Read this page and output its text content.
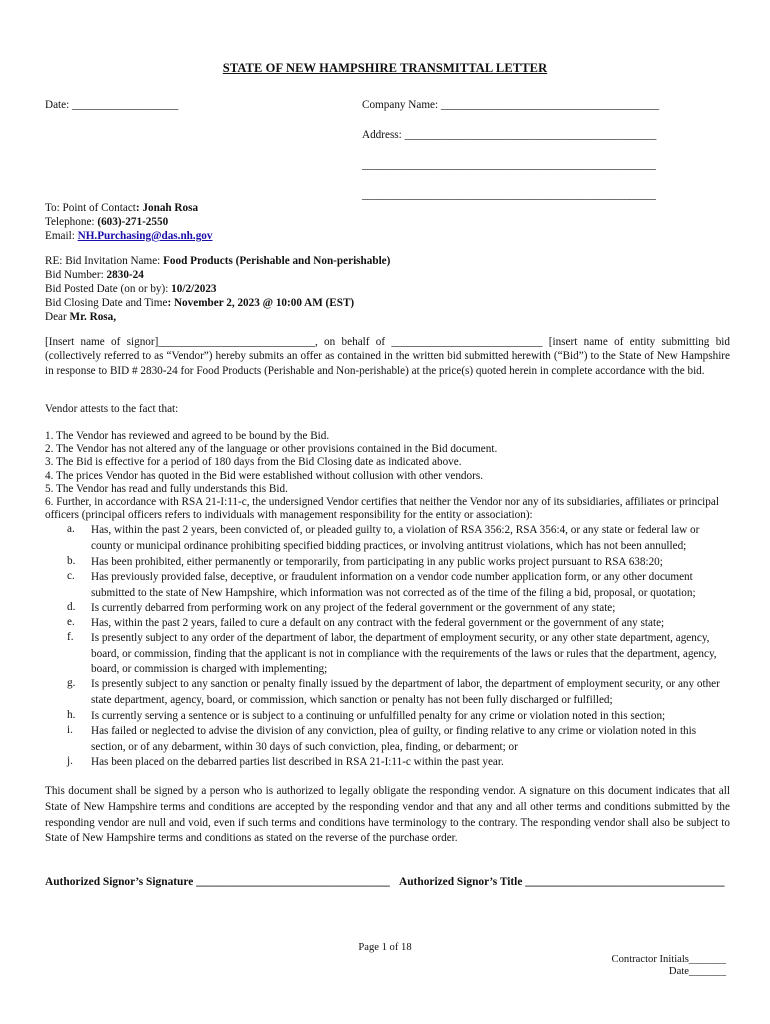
STATE OF NEW HAMPSHIRE TRANSMITTAL LETTER
Date: ___________________	Company Name: _______________________________________
Address: _____________________________________________
________________________________________________________
________________________________________________________
To: Point of Contact: Jonah Rosa
Telephone: (603)-271-2550
Email: NH.Purchasing@das.nh.gov
RE: Bid Invitation Name: Food Products (Perishable and Non-perishable)
Bid Number: 2830-24
Bid Posted Date (on or by): 10/2/2023
Bid Closing Date and Time: November 2, 2023 @ 10:00 AM (EST)
Dear Mr. Rosa,
[Insert name of signor]____________________________, on behalf of ___________________________ [insert name of entity submitting bid (collectively referred to as “Vendor”) hereby submits an offer as contained in the written bid submitted herewith (“Bid”) to the State of New Hampshire in response to BID # 2830-24 for Food Products (Perishable and Non-perishable) at the price(s) quoted herein in complete accordance with the bid.
Vendor attests to the fact that:
1. The Vendor has reviewed and agreed to be bound by the Bid.
2. The Vendor has not altered any of the language or other provisions contained in the Bid document.
3. The Bid is effective for a period of 180 days from the Bid Closing date as indicated above.
4. The prices Vendor has quoted in the Bid were established without collusion with other vendors.
5. The Vendor has read and fully understands this Bid.
6. Further, in accordance with RSA 21-I:11-c, the undersigned Vendor certifies that neither the Vendor nor any of its subsidiaries, affiliates or principal officers (principal officers refers to individuals with management responsibility for the entity or association):
a.	Has, within the past 2 years, been convicted of, or pleaded guilty to, a violation of RSA 356:2, RSA 356:4, or any state or federal law or county or municipal ordinance prohibiting specified bidding practices, or involving antitrust violations, which has not been annulled;
b.	Has been prohibited, either permanently or temporarily, from participating in any public works project pursuant to RSA 638:20;
c.	Has previously provided false, deceptive, or fraudulent information on a vendor code number application form, or any other document submitted to the state of New Hampshire, which information was not corrected as of the time of the filing a bid, proposal, or quotation;
d.	Is currently debarred from performing work on any project of the federal government or the government of any state;
e.	Has, within the past 2 years, failed to cure a default on any contract with the federal government or the government of any state;
f.	Is presently subject to any order of the department of labor, the department of employment security, or any other state department, agency, board, or commission, finding that the applicant is not in compliance with the requirements of the laws or rules that the department, agency, board, or commission is charged with implementing;
g.	Is presently subject to any sanction or penalty finally issued by the department of labor, the department of employment security, or any other state department, agency, board, or commission, which sanction or penalty has not been fully discharged or fulfilled;
h.	Is currently serving a sentence or is subject to a continuing or unfulfilled penalty for any crime or violation noted in this section;
i.	Has failed or neglected to advise the division of any conviction, plea of guilty, or finding relative to any crime or violation noted in this section, or of any debarment, within 30 days of such conviction, plea, finding, or debarment; or
j.	Has been placed on the debarred parties list described in RSA 21-I:11-c within the past year.
This document shall be signed by a person who is authorized to legally obligate the responding vendor. A signature on this document indicates that all State of New Hampshire terms and conditions are accepted by the responding vendor and that any and all other terms and conditions submitted by the responding vendor are null and void, even if such terms and conditions have terminology to the contrary. The responding vendor shall also be subject to State of New Hampshire terms and conditions as stated on the reverse of the purchase order.
Authorized Signor’s Signature __________________________________ Authorized Signor’s Title ___________________________________
Page 1 of 18
Contractor Initials_______
Date_______
